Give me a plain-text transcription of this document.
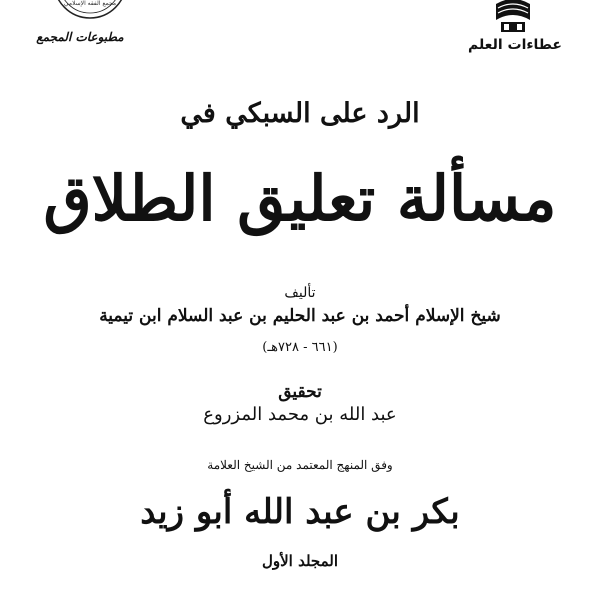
مجمع الفقه الإسلامي
مطبوعات المجمع	عطاءات العلم
الرد على السبكي في
مسألة تعليق الطلاق
تأليف
شيخ الإسلام أحمد بن عبد الحليم بن عبد السلام ابن تيمية
(٦٦١ - ٧٢٨هـ)
تحقيق
عبد الله بن محمد المزروع
وفق المنهج المعتمد من الشيخ العلامة
بكر بن عبد الله أبو زيد
المجلد الأول
